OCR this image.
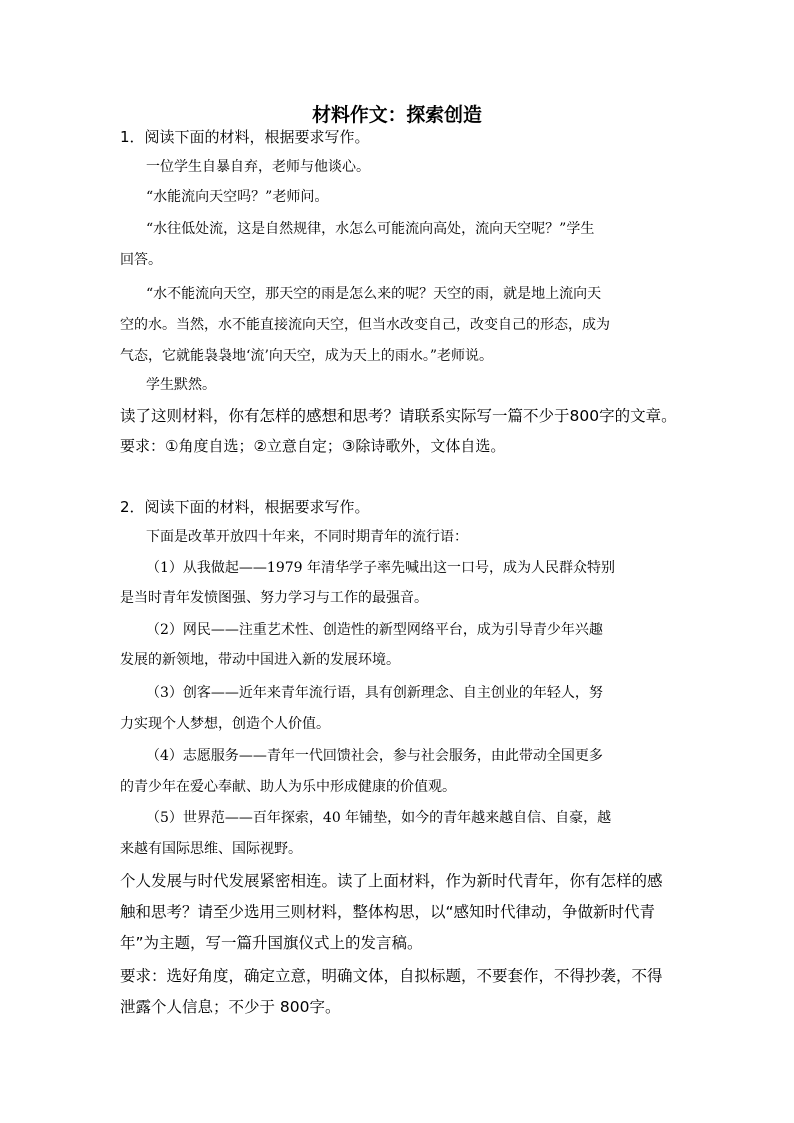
材料作文：探索创造
1．阅读下面的材料，根据要求写作。
一位学生自暴自弃，老师与他谈心。
“水能流向天空吗？”老师问。
“水往低处流，这是自然规律，水怎么可能流向高处，流向天空呢？”学生
回答。
“水不能流向天空，那天空的雨是怎么来的呢？天空的雨，就是地上流向天
空的水。当然，水不能直接流向天空，但当水改变自己，改变自己的形态，成为
气态，它就能袅袅地‘流’向天空，成为天上的雨水。”老师说。
学生默然。
读了这则材料，你有怎样的感想和思考？请联系实际写一篇不少于800字的文章。
要求：①角度自选；②立意自定；③除诗歌外，文体自选。
2．阅读下面的材料，根据要求写作。
下面是改革开放四十年来，不同时期青年的流行语：
（1）从我做起——1979 年清华学子率先喊出这一口号，成为人民群众特别
是当时青年发愤图强、努力学习与工作的最强音。
（2）网民——注重艺术性、创造性的新型网络平台，成为引导青少年兴趣
发展的新领地，带动中国进入新的发展环境。
（3）创客——近年来青年流行语，具有创新理念、自主创业的年轻人，努
力实现个人梦想，创造个人价值。
（4）志愿服务——青年一代回馈社会，参与社会服务，由此带动全国更多
的青少年在爱心奉献、助人为乐中形成健康的价值观。
（5）世界范——百年探索，40 年铺垫，如今的青年越来越自信、自豪，越
来越有国际思维、国际视野。
个人发展与时代发展紧密相连。读了上面材料，作为新时代青年，你有怎样的感
触和思考？请至少选用三则材料，整体构思，以“感知时代律动，争做新时代青
年”为主题，写一篇升国旗仪式上的发言稿。
要求：选好角度，确定立意，明确文体，自拟标题，不要套作，不得抄袭，不得
泄露个人信息；不少于 800字。
